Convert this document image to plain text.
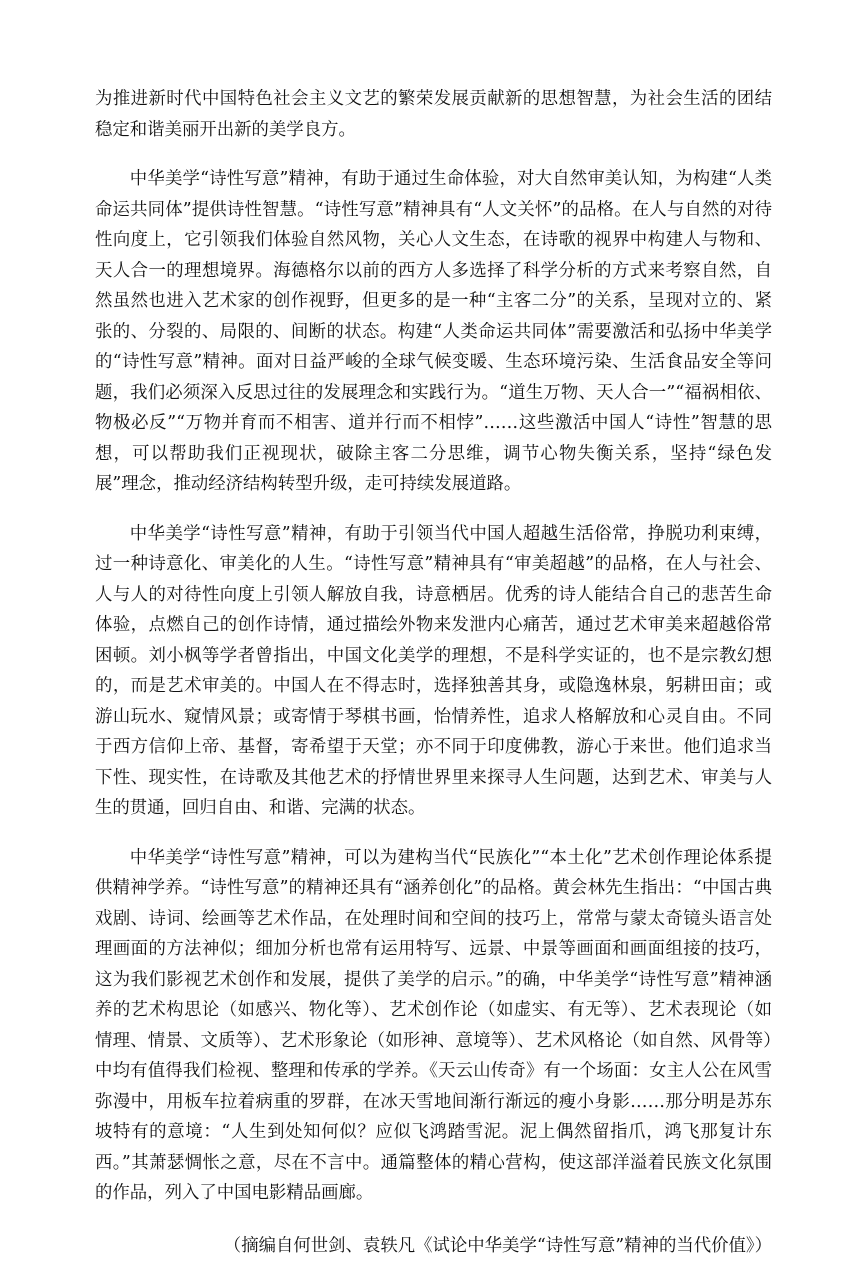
为推进新时代中国特色社会主义文艺的繁荣发展贡献新的思想智慧，为社会生活的团结稳定和谐美丽开出新的美学良方。

中华美学“诗性写意”精神，有助于通过生命体验，对大自然审美认知，为构建“人类命运共同体”提供诗性智慧。“诗性写意”精神具有“人文关怀”的品格。在人与自然的对待性向度上，它引领我们体验自然风物，关心人文生态，在诗歌的视界中构建人与物和、天人合一的理想境界。海德格尔以前的西方人多选择了科学分析的方式来考察自然，自然虽然也进入艺术家的创作视野，但更多的是一种“主客二分”的关系，呈现对立的、紧张的、分裂的、局限的、间断的状态。构建“人类命运共同体”需要激活和弘扬中华美学的“诗性写意”精神。面对日益严峻的全球气候变暖、生态环境污染、生活食品安全等问题，我们必须深入反思过往的发展理念和实践行为。“道生万物、天人合一”“福祸相依、物极必反”“万物并育而不相害、道并行而不相悖”……这些激活中国人“诗性”智慧的思想，可以帮助我们正视现状，破除主客二分思维，调节心物失衡关系，坚持“绿色发展”理念，推动经济结构转型升级，走可持续发展道路。

中华美学“诗性写意”精神，有助于引领当代中国人超越生活俗常，挣脱功利束缚，过一种诗意化、审美化的人生。“诗性写意”精神具有“审美超越”的品格，在人与社会、人与人的对待性向度上引领人解放自我，诗意栖居。优秀的诗人能结合自己的悲苦生命体验，点燃自己的创作诗情，通过描绘外物来发泄内心痛苦，通过艺术审美来超越俗常困顿。刘小枫等学者曾指出，中国文化美学的理想，不是科学实证的，也不是宗教幻想的，而是艺术审美的。中国人在不得志时，选择独善其身，或隐逸林泉，躬耕田亩；或游山玩水、窥情风景；或寄情于琴棋书画，怡情养性，追求人格解放和心灵自由。不同于西方信仰上帝、基督，寄希望于天堂；亦不同于印度佛教，游心于来世。他们追求当下性、现实性，在诗歌及其他艺术的抒情世界里来探寻人生问题，达到艺术、审美与人生的贯通，回归自由、和谐、完满的状态。

中华美学“诗性写意”精神，可以为建构当代“民族化”“本土化”艺术创作理论体系提供精神学养。“诗性写意”的精神还具有“涵养创化”的品格。黄会林先生指出：“中国古典戏剧、诗词、绘画等艺术作品，在处理时间和空间的技巧上，常常与蒙太奇镜头语言处理画面的方法神似；细加分析也常有运用特写、远景、中景等画面和画面组接的技巧，这为我们影视艺术创作和发展，提供了美学的启示。”的确，中华美学“诗性写意”精神涵养的艺术构思论（如感兴、物化等）、艺术创作论（如虚实、有无等）、艺术表现论（如情理、情景、文质等）、艺术形象论（如形神、意境等）、艺术风格论（如自然、风骨等）中均有值得我们检视、整理和传承的学养。《天云山传奇》有一个场面：女主人公在风雪弥漫中，用板车拉着病重的罗群，在冰天雪地间渐行渐远的瘦小身影……那分明是苏东坡特有的意境：“人生到处知何似？应似飞鸿踏雪泥。泥上偶然留指爪，鸿飞那复计东西。”其萧瑟惆怅之意，尽在不言中。通篇整体的精心营构，使这部洋溢着民族文化氛围的作品，列入了中国电影精品画廊。

（摘编自何世剑、袁轶凡《试论中华美学“诗性写意”精神的当代价值》）
